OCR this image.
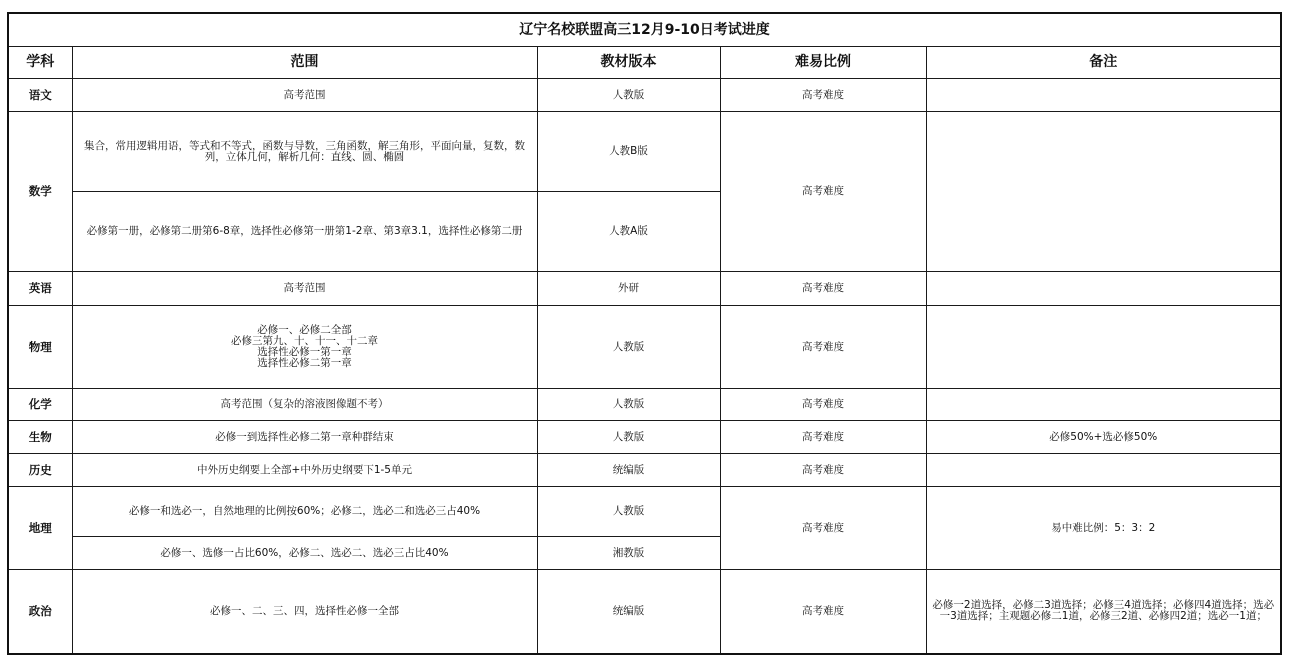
辽宁名校联盟高三12月9-10日考试进度				
学科	范围	教材版本	难易比例	备注
语文	高考范围	人教版	高考难度	
数学	集合，常用逻辑用语，等式和不等式，函数与导数，三角函数，解三角形，平面向量，复数，数列，立体几何，解析几何：直线、圆、椭圆	人教B版	高考难度	
	必修第一册，必修第二册第6-8章，选择性必修第一册第1-2章、第3章3.1，选择性必修第二册	人教A版		
英语	高考范围	外研	高考难度	
物理	必修一、必修二全部
必修三第九、十、十一、十二章
选择性必修一第一章
选择性必修二第一章	人教版	高考难度	
化学	高考范围（复杂的溶液图像题不考）	人教版	高考难度	
生物	必修一到选择性必修二第一章种群结束	人教版	高考难度	必修50%+选必修50%
历史	中外历史纲要上全部+中外历史纲要下1-5单元	统编版	高考难度	
地理	必修一和选必一，自然地理的比例按60%；必修二，选必二和选必三占40%	人教版	高考难度	易中难比例：5：3：2
	必修一、选修一占比60%，必修二、选必二、选必三占比40%	湘教版		
政治	必修一、二、三、四，选择性必修一全部	统编版	高考难度	必修一2道选择，必修二3道选择；必修三4道选择；必修四4道选择；选必一3道选择；主观题必修二1道，必修三2道、必修四2道；选必一1道；
